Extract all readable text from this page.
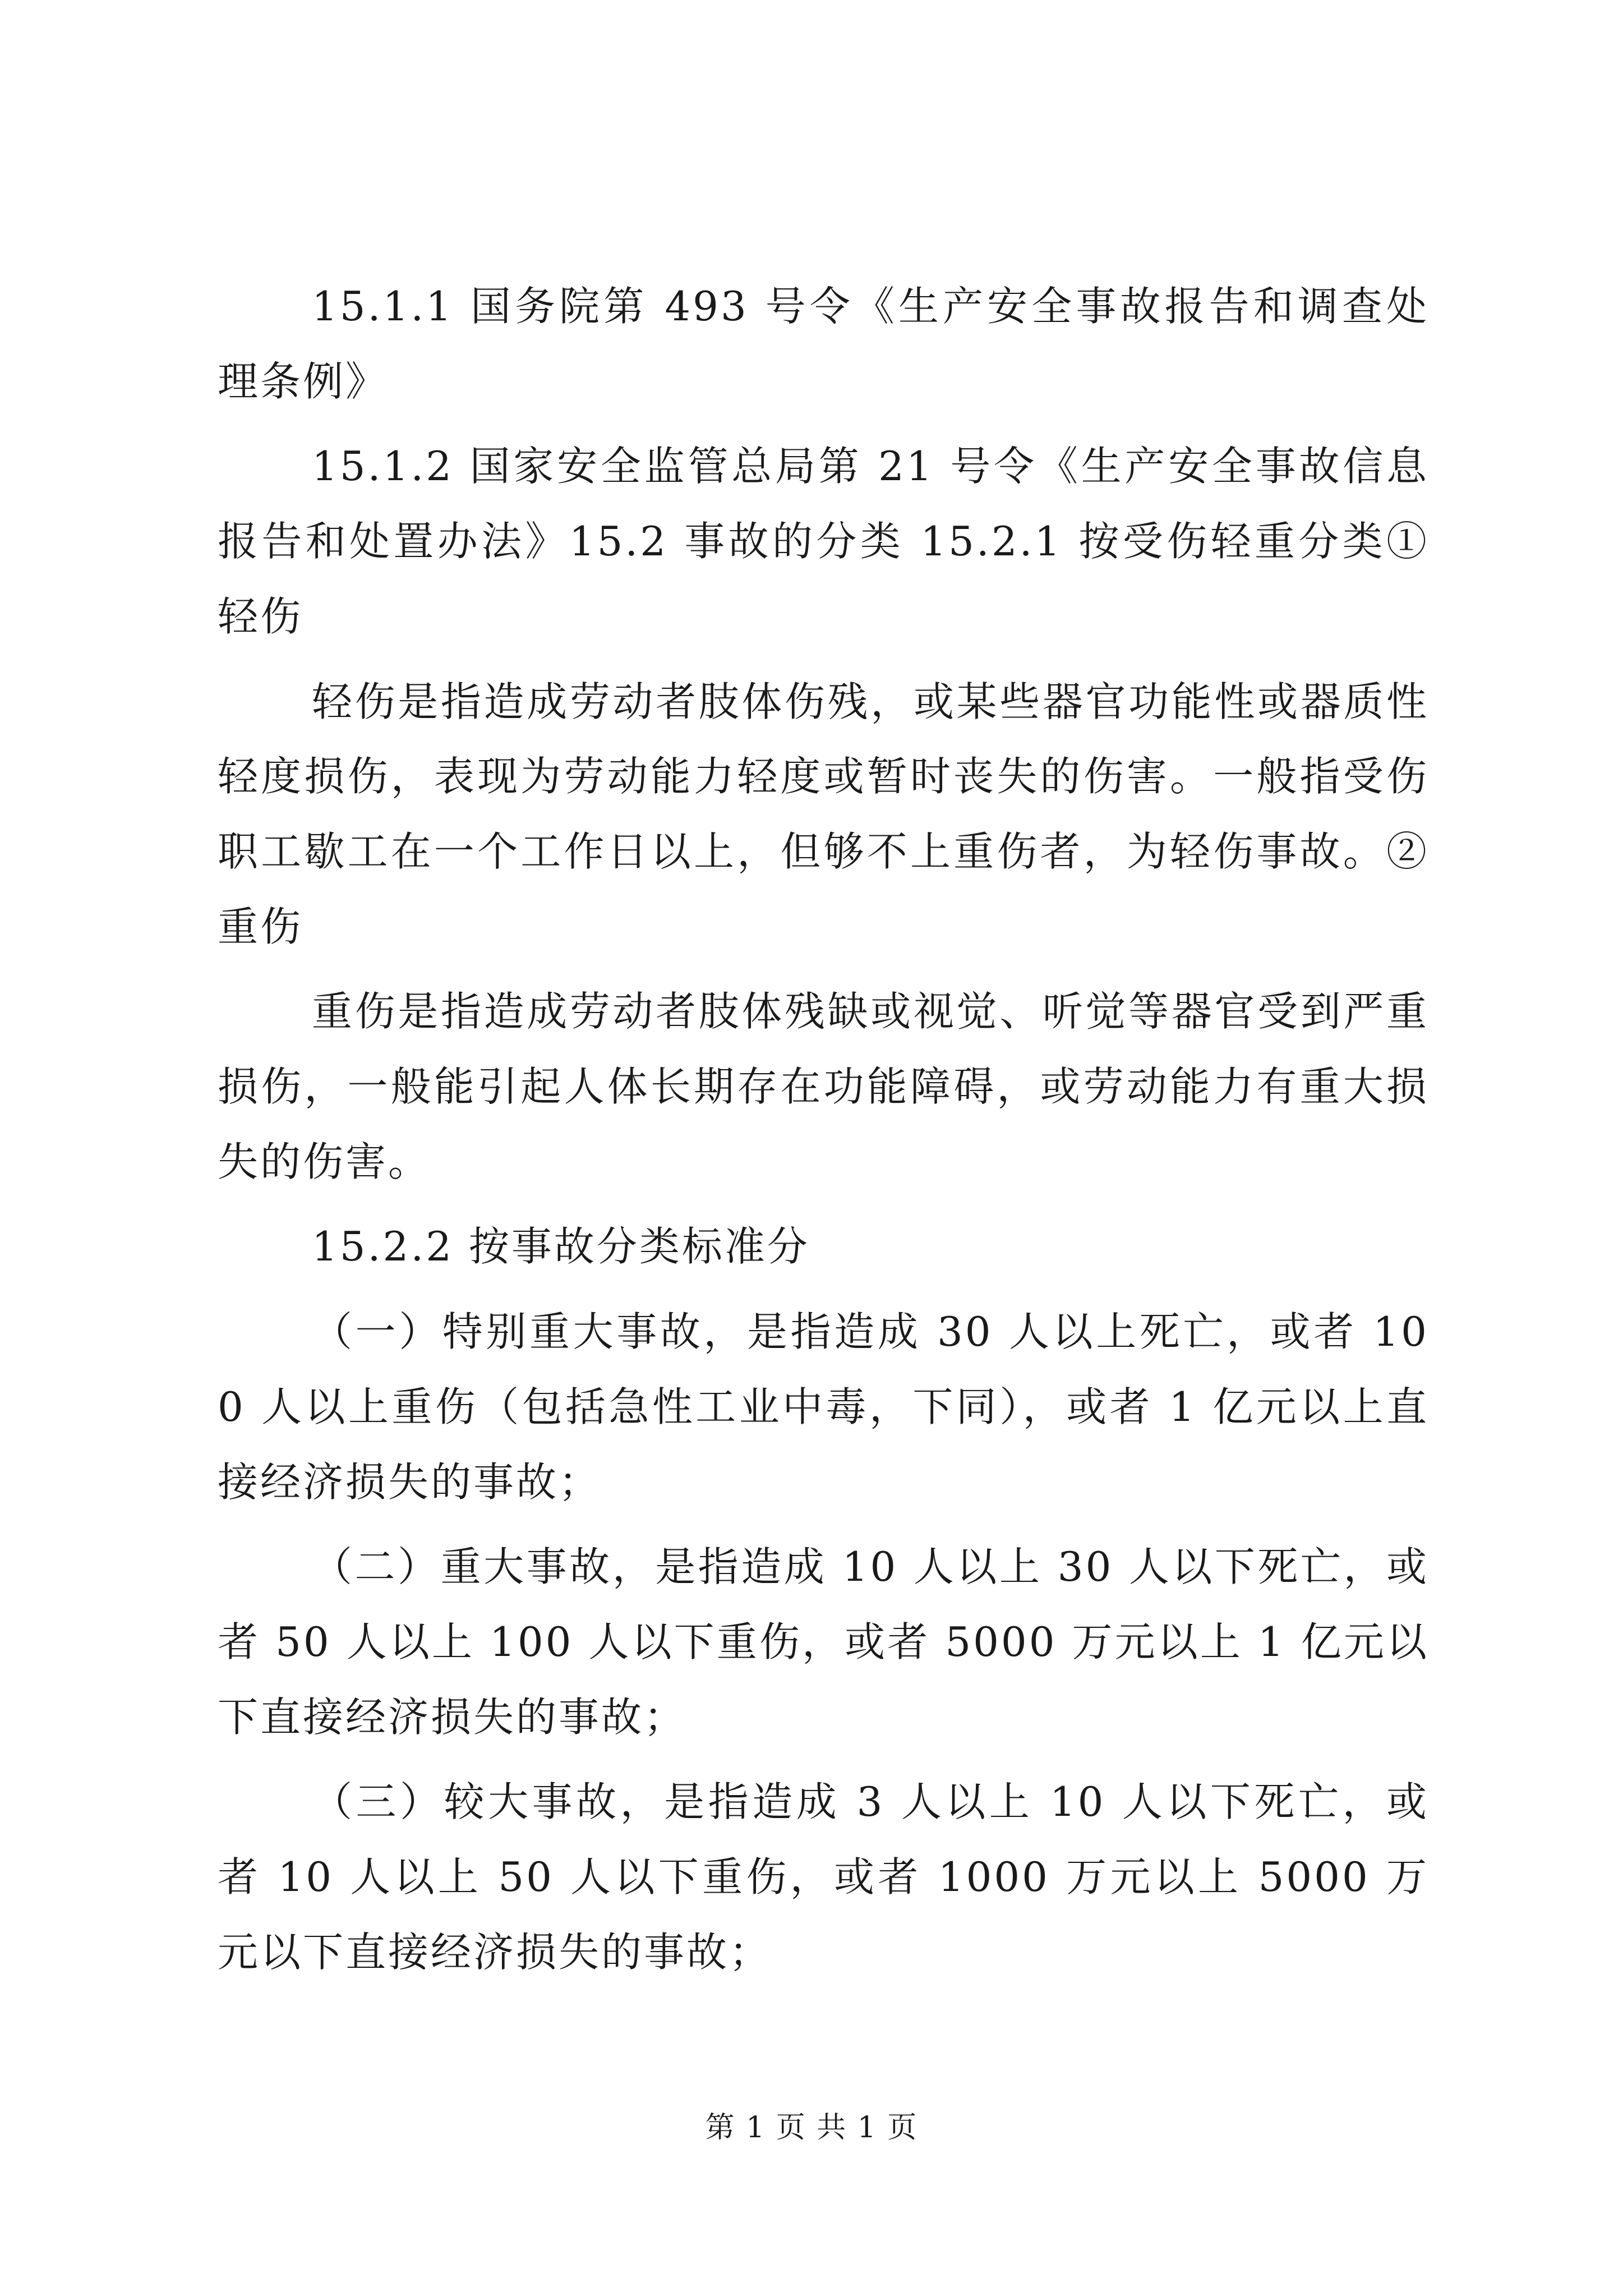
15.1.1 国务院第 493 号令《生产安全事故报告和调查处理条例》

15.1.2 国家安全监管总局第 21 号令《生产安全事故信息报告和处置办法》15.2 事故的分类 15.2.1 按受伤轻重分类①轻伤

轻伤是指造成劳动者肢体伤残，或某些器官功能性或器质性轻度损伤，表现为劳动能力轻度或暂时丧失的伤害。一般指受伤职工歇工在一个工作日以上，但够不上重伤者，为轻伤事故。②重伤

重伤是指造成劳动者肢体残缺或视觉、听觉等器官受到严重损伤，一般能引起人体长期存在功能障碍，或劳动能力有重大损失的伤害。

15.2.2 按事故分类标准分

（一）特别重大事故，是指造成 30 人以上死亡，或者 100 人以上重伤（包括急性工业中毒，下同），或者 1 亿元以上直接经济损失的事故；

（二）重大事故，是指造成 10 人以上 30 人以下死亡，或者 50 人以上 100 人以下重伤，或者 5000 万元以上 1 亿元以下直接经济损失的事故；

（三）较大事故，是指造成 3 人以上 10 人以下死亡，或者 10 人以上 50 人以下重伤，或者 1000 万元以上 5000 万元以下直接经济损失的事故；

第 1 页 共 1 页
